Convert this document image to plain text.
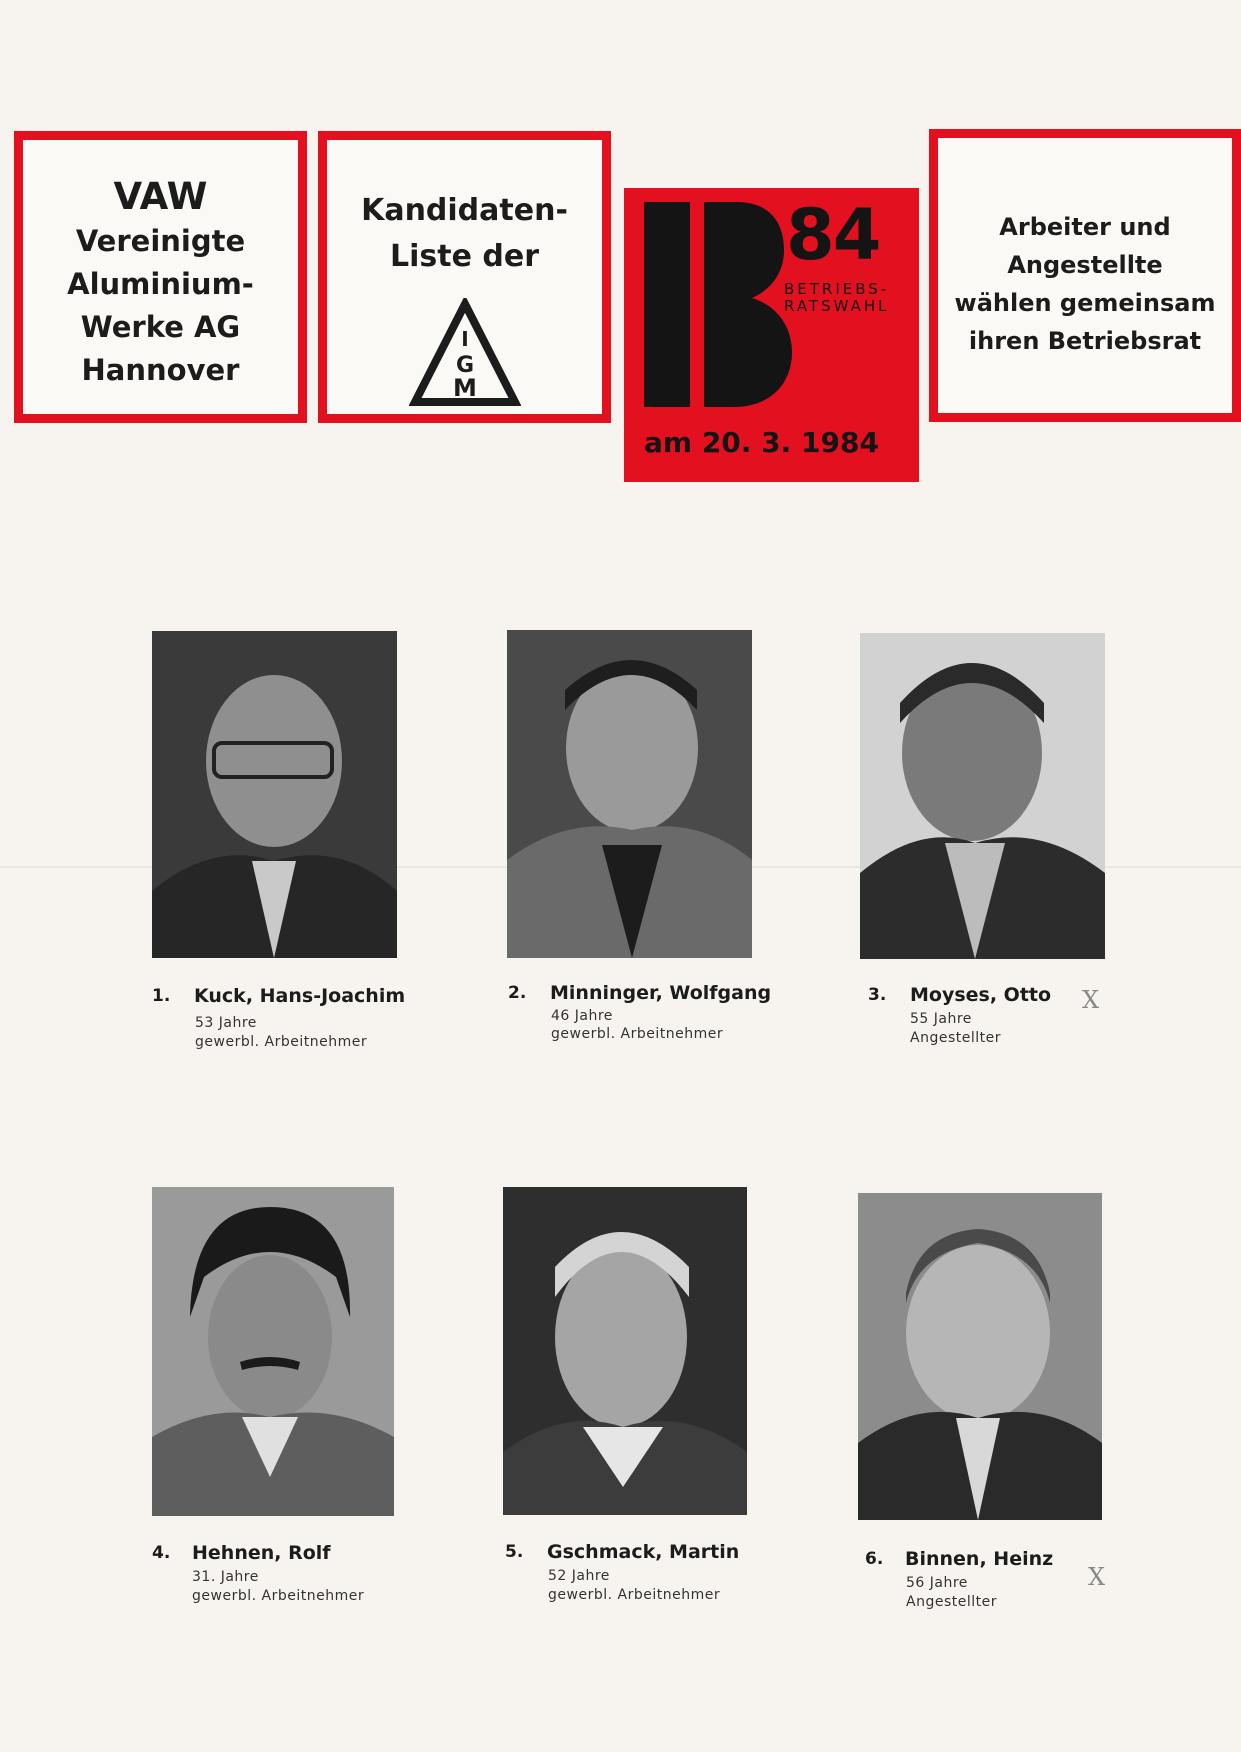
VAW
Vereinigte
Aluminium-
Werke AG
Hannover
Kandidaten-
Liste der
I
G
M
84
BETRIEBS-
RATSWAHL
am 20. 3. 1984
Arbeiter und
Angestellte
wählen gemeinsam
ihren Betriebsrat
1. Kuck, Hans-Joachim
53 Jahre
gewerbl. Arbeitnehmer
2. Minninger, Wolfgang
46 Jahre
gewerbl. Arbeitnehmer
3. Moyses, Otto
55 Jahre
Angestellter
X
4. Hehnen, Rolf
31. Jahre
gewerbl. Arbeitnehmer
5. Gschmack, Martin
52 Jahre
gewerbl. Arbeitnehmer
6. Binnen, Heinz
56 Jahre
Angestellter
X
